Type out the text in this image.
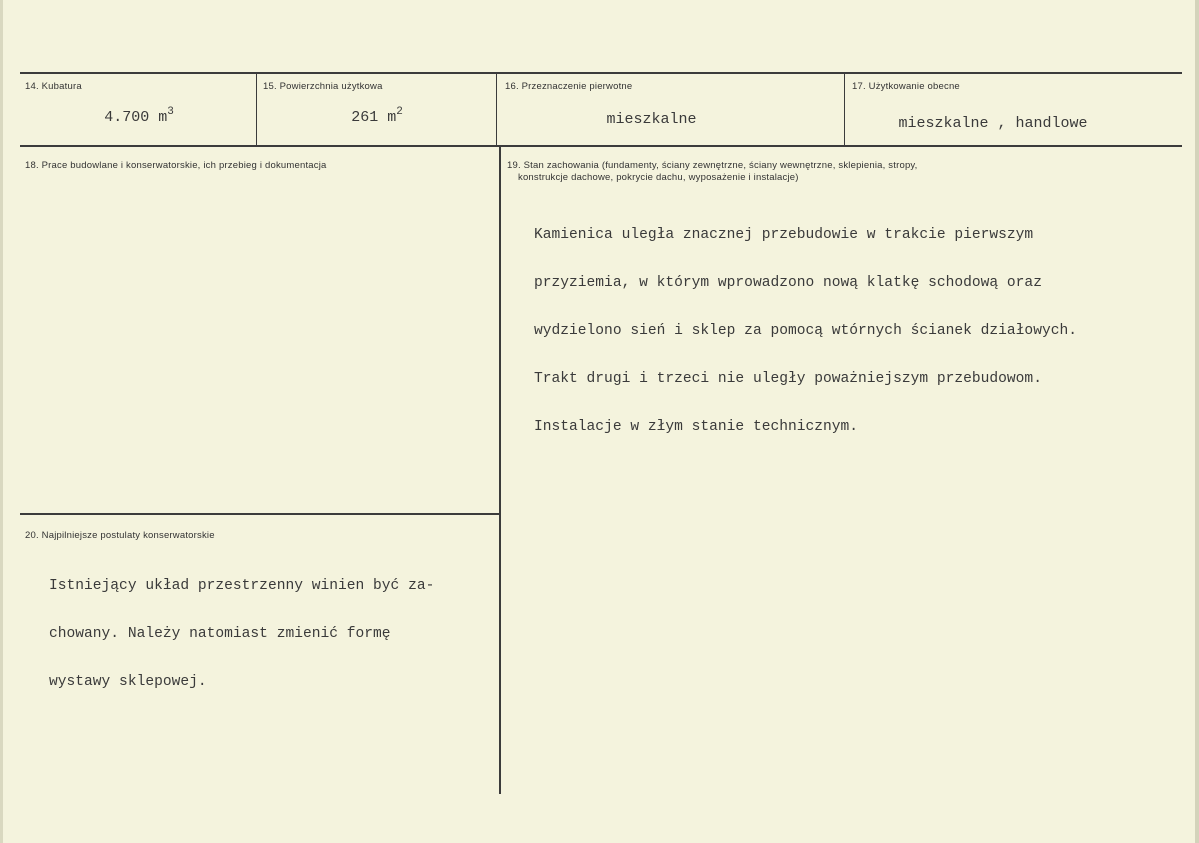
14. Kubatura
4.700 $m^3$
15. Powierzchnia użytkowa
261 $m^2$
16. Przeznaczenie pierwotne
mieszkalne
17. Użytkowanie obecne
mieszkalne , handlowe
18. Prace budowlane i konserwatorskie, ich przebieg i dokumentacja	19. Stan zachowania (fundamenty, ściany zewnętrzne, ściany wewnętrzne, sklepienia, stropy,
konstrukcje dachowe, pokrycie dachu, wyposażenie i instalacje)

Kamienica uległa znacznej przebudowie w trakcie pierwszym

przyziemia, w którym wprowadzono nową klatkę schodową oraz

wydzielono sień i sklep za pomocą wtórnych ścianek działowych.

Trakt drugi i trzeci nie uległy poważniejszym przebudowom.

Instalacje w złym stanie technicznym.

20. Najpilniejsze postulaty konserwatorskie

Istniejący układ przestrzenny winien być za-

chowany. Należy natomiast zmienić formę

wystawy sklepowej.
